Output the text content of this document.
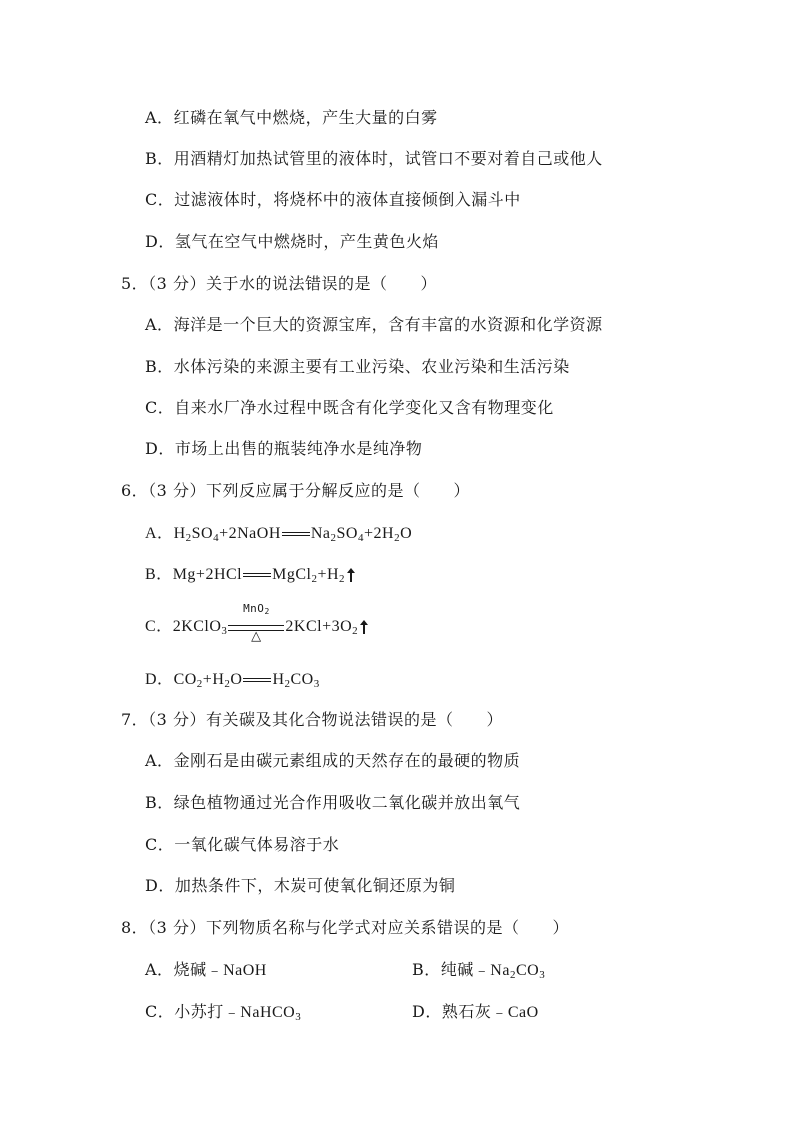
A．红磷在氧气中燃烧，产生大量的白雾
B．用酒精灯加热试管里的液体时，试管口不要对着自己或他人
C．过滤液体时，将烧杯中的液体直接倾倒入漏斗中
D．氢气在空气中燃烧时，产生黄色火焰
5．（3 分）关于水的说法错误的是（　　）
A．海洋是一个巨大的资源宝库，含有丰富的水资源和化学资源
B．水体污染的来源主要有工业污染、农业污染和生活污染
C．自来水厂净水过程中既含有化学变化又含有物理变化
D．市场上出售的瓶装纯净水是纯净物
6．（3 分）下列反应属于分解反应的是（　　）
A．$H_2SO_4+2NaOH$ $Na_2SO_4+2H_2O$
B．Mg+2HCl $MgCl_2+H_2$
C．2KClO$_3$
MnO$_2$
△
$2KCl+3O_2$
D．$CO_2+H_2O$ $H_2CO_3$
7．（3 分）有关碳及其化合物说法错误的是（　　）
A．金刚石是由碳元素组成的天然存在的最硬的物质
B．绿色植物通过光合作用吸收二氧化碳并放出氧气
C．一氧化碳气体易溶于水
D．加热条件下，木炭可使氧化铜还原为铜
8．（3 分）下列物质名称与化学式对应关系错误的是（　　）
A．烧碱﹣NaOH	B．纯碱$﹣Na_2CO_3$
C．小苏打﹣NaHCO$_3$	D．熟石灰﹣CaO
